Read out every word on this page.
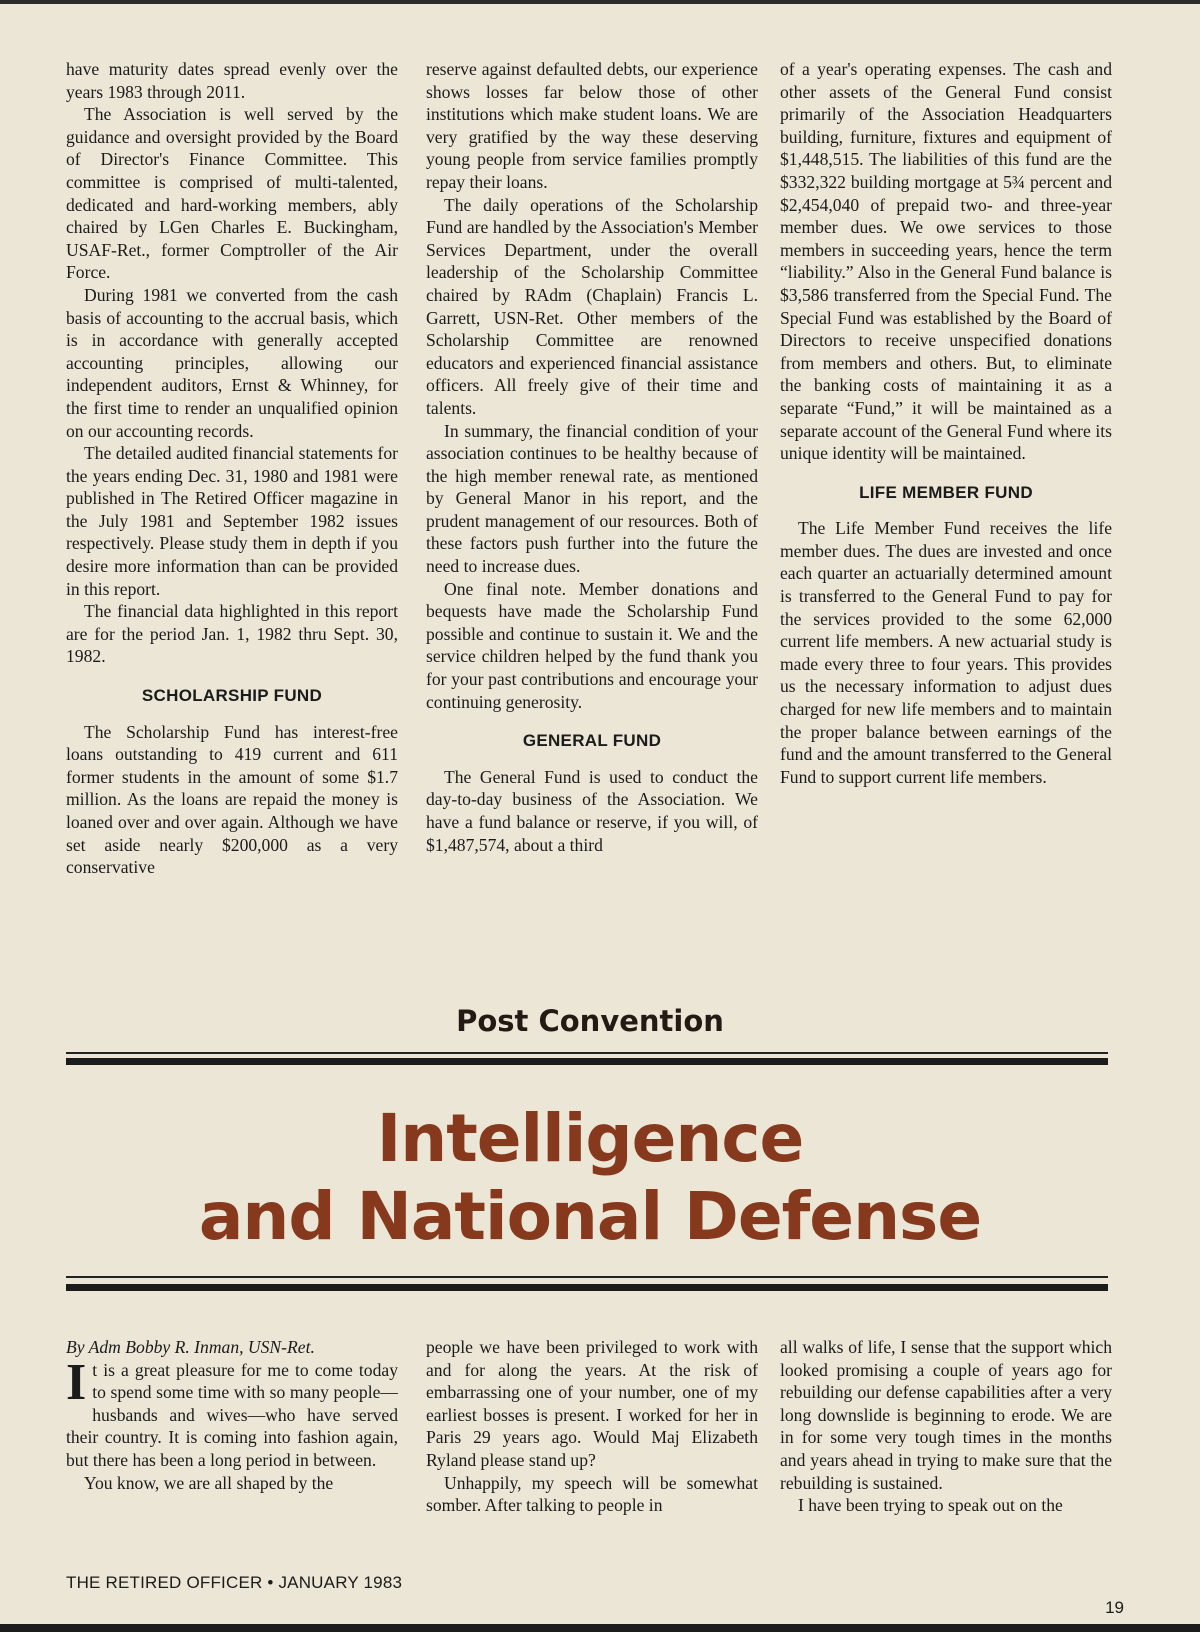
have maturity dates spread evenly over the years 1983 through 2011.

The Association is well served by the guidance and oversight provided by the Board of Director's Finance Committee. This committee is comprised of multi-talented, dedicated and hard-working members, ably chaired by LGen Charles E. Buckingham, USAF-Ret., former Comptroller of the Air Force.

During 1981 we converted from the cash basis of accounting to the accrual basis, which is in accordance with generally accepted accounting principles, allowing our independent auditors, Ernst & Whinney, for the first time to render an unqualified opinion on our accounting records.

The detailed audited financial statements for the years ending Dec. 31, 1980 and 1981 were published in The Retired Officer magazine in the July 1981 and September 1982 issues respectively. Please study them in depth if you desire more information than can be provided in this report.

The financial data highlighted in this report are for the period Jan. 1, 1982 thru Sept. 30, 1982.

SCHOLARSHIP FUND

The Scholarship Fund has interest-free loans outstanding to 419 current and 611 former students in the amount of some $1.7 million. As the loans are repaid the money is loaned over and over again. Although we have set aside nearly $200,000 as a very conservative

reserve against defaulted debts, our experience shows losses far below those of other institutions which make student loans. We are very gratified by the way these deserving young people from service families promptly repay their loans.

The daily operations of the Scholarship Fund are handled by the Association's Member Services Department, under the overall leadership of the Scholarship Committee chaired by RAdm (Chaplain) Francis L. Garrett, USN-Ret. Other members of the Scholarship Committee are renowned educators and experienced financial assistance officers. All freely give of their time and talents.

In summary, the financial condition of your association continues to be healthy because of the high member renewal rate, as mentioned by General Manor in his report, and the prudent management of our resources. Both of these factors push further into the future the need to increase dues.

One final note. Member donations and bequests have made the Scholarship Fund possible and continue to sustain it. We and the service children helped by the fund thank you for your past contributions and encourage your continuing generosity.

GENERAL FUND

The General Fund is used to conduct the day-to-day business of the Association. We have a fund balance or reserve, if you will, of $1,487,574, about a third

of a year's operating expenses. The cash and other assets of the General Fund consist primarily of the Association Headquarters building, furniture, fixtures and equipment of $1,448,515. The liabilities of this fund are the $332,322 building mortgage at 5¾ percent and $2,454,040 of prepaid two- and three-year member dues. We owe services to those members in succeeding years, hence the term “liability.” Also in the General Fund balance is $3,586 transferred from the Special Fund. The Special Fund was established by the Board of Directors to receive unspecified donations from members and others. But, to eliminate the banking costs of maintaining it as a separate “Fund,” it will be maintained as a separate account of the General Fund where its unique identity will be maintained.

LIFE MEMBER FUND

The Life Member Fund receives the life member dues. The dues are invested and once each quarter an actuarially determined amount is transferred to the General Fund to pay for the services provided to the some 62,000 current life members. A new actuarial study is made every three to four years. This provides us the necessary information to adjust dues charged for new life members and to maintain the proper balance between earnings of the fund and the amount transferred to the General Fund to support current life members.

Post Convention
Intelligence
and National Defense

By Adm Bobby R. Inman, USN-Ret.

It is a great pleasure for me to come today to spend some time with so many people—husbands and wives—who have served their country. It is coming into fashion again, but there has been a long period in between.

You know, we are all shaped by the

people we have been privileged to work with and for along the years. At the risk of embarrassing one of your number, one of my earliest bosses is present. I worked for her in Paris 29 years ago. Would Maj Elizabeth Ryland please stand up?

Unhappily, my speech will be somewhat somber. After talking to people in

all walks of life, I sense that the support which looked promising a couple of years ago for rebuilding our defense capabilities after a very long downslide is beginning to erode. We are in for some very tough times in the months and years ahead in trying to make sure that the rebuilding is sustained.

I have been trying to speak out on the

THE RETIRED OFFICER • JANUARY 1983
19
